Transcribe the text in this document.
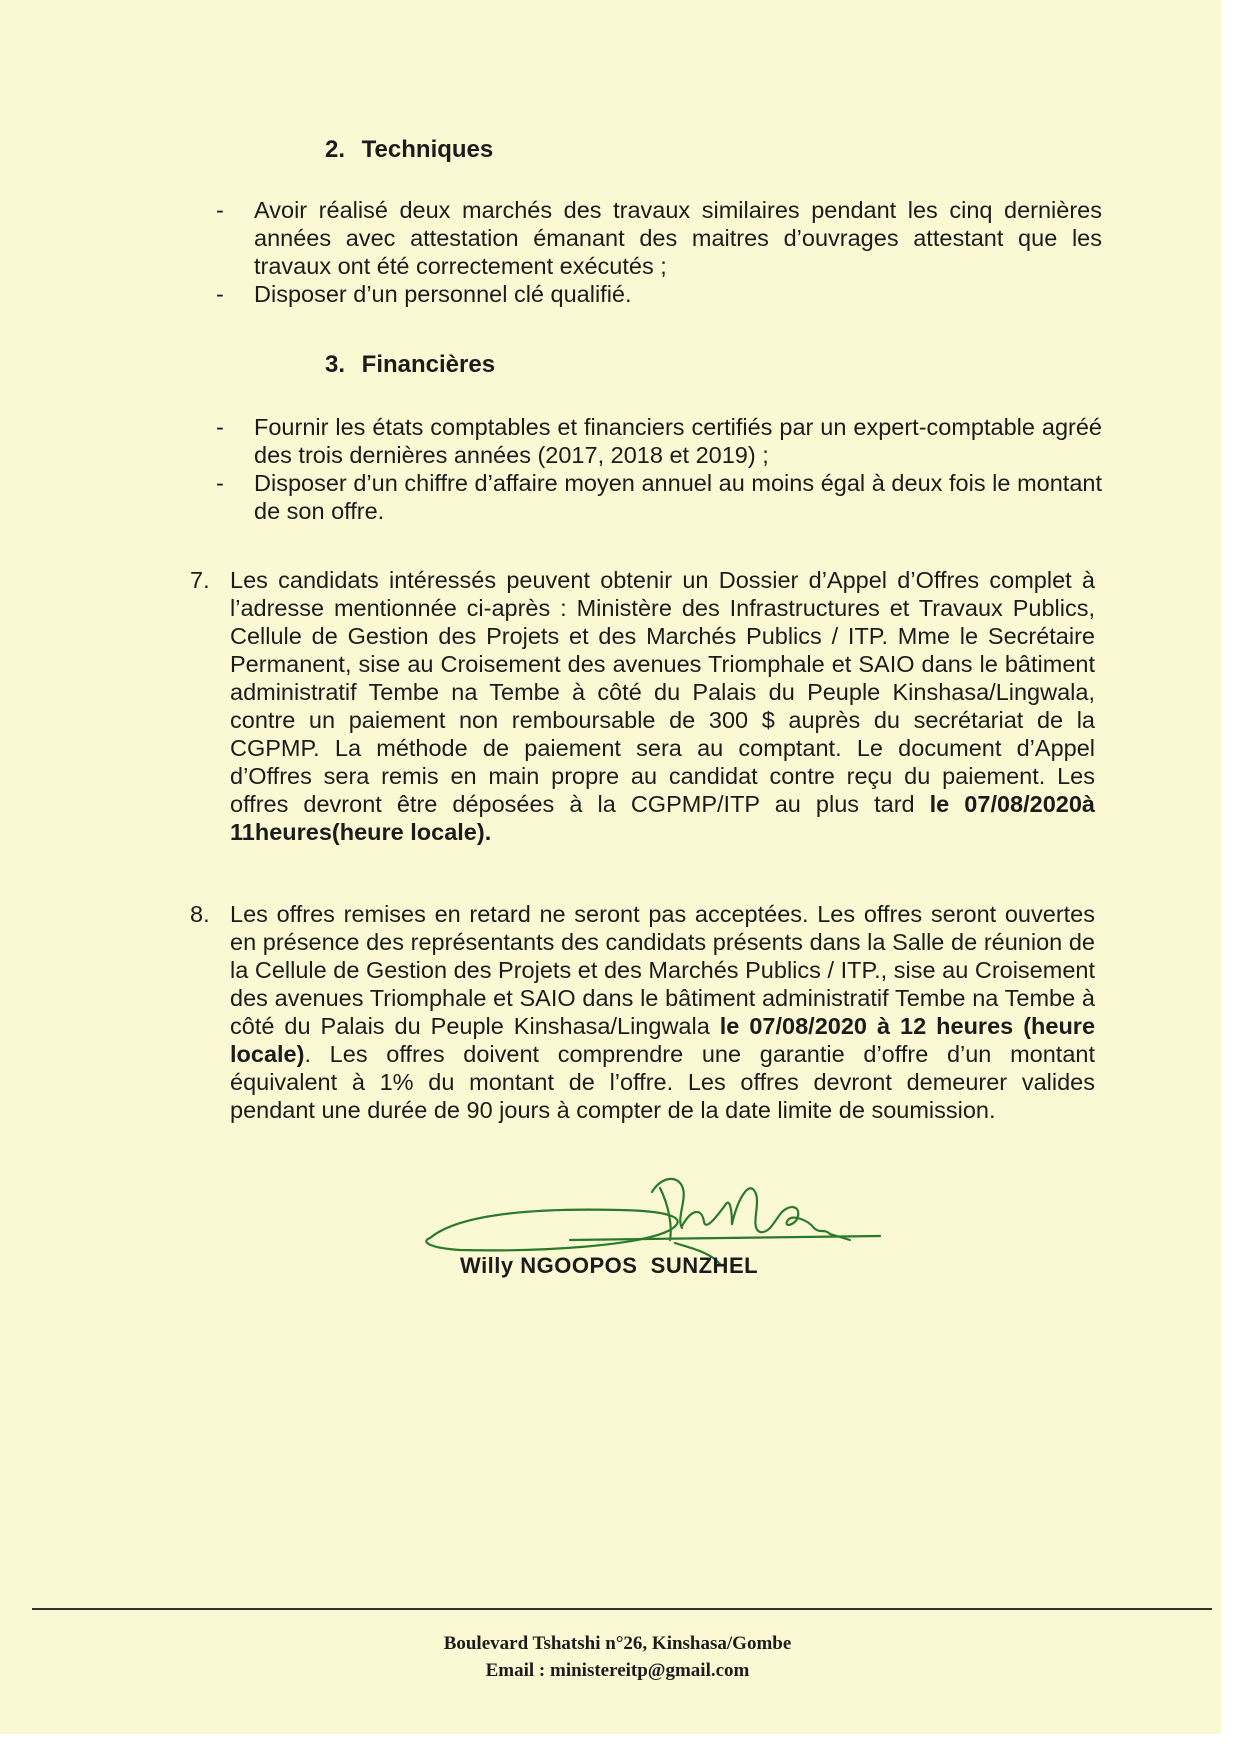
2. Techniques
- Avoir réalisé deux marchés des travaux similaires pendant les cinq dernières années avec attestation émanant des maitres d’ouvrages attestant que les travaux ont été correctement exécutés ;
- Disposer d’un personnel clé qualifié.
3. Financières
- Fournir les états comptables et financiers certifiés par un expert-comptable agréé des trois dernières années (2017, 2018 et 2019) ;
- Disposer d’un chiffre d’affaire moyen annuel au moins égal à deux fois le montant de son offre.
7. Les candidats intéressés peuvent obtenir un Dossier d’Appel d’Offres complet à l’adresse mentionnée ci-après : Ministère des Infrastructures et Travaux Publics, Cellule de Gestion des Projets et des Marchés Publics / ITP. Mme le Secrétaire Permanent, sise au Croisement des avenues Triomphale et SAIO dans le bâtiment administratif Tembe na Tembe à côté du Palais du Peuple Kinshasa/Lingwala, contre un paiement non remboursable de 300 $ auprès du secrétariat de la CGPMP. La méthode de paiement sera au comptant. Le document d’Appel d’Offres sera remis en main propre au candidat contre reçu du paiement. Les offres devront être déposées à la CGPMP/ITP au plus tard le 07/08/2020à 11heures(heure locale).
8. Les offres remises en retard ne seront pas acceptées. Les offres seront ouvertes en présence des représentants des candidats présents dans la Salle de réunion de la Cellule de Gestion des Projets et des Marchés Publics / ITP., sise au Croisement des avenues Triomphale et SAIO dans le bâtiment administratif Tembe na Tembe à côté du Palais du Peuple Kinshasa/Lingwala le 07/08/2020 à 12 heures (heure locale). Les offres doivent comprendre une garantie d’offre d’un montant équivalent à 1% du montant de l’offre. Les offres devront demeurer valides pendant une durée de 90 jours à compter de la date limite de soumission.
Willy NGOOPOS  SUNZHEL
Boulevard Tshatshi n°26, Kinshasa/Gombe
Email : ministereitp@gmail.com
